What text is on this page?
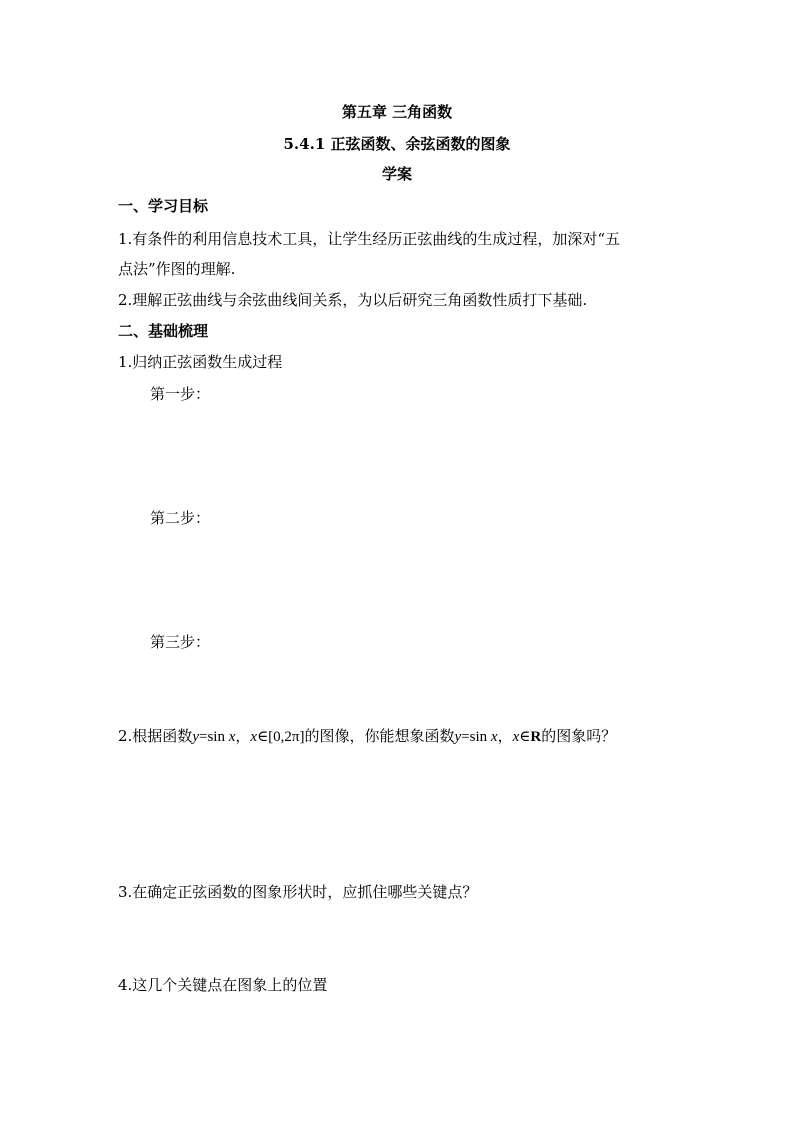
第五章 三角函数
5.4.1 正弦函数、余弦函数的图象
学案
一、学习目标
1.有条件的利用信息技术工具，让学生经历正弦曲线的生成过程，加深对“五
点法”作图的理解.
2.理解正弦曲线与余弦曲线间关系，为以后研究三角函数性质打下基础.
二、基础梳理
1.归纳正弦函数生成过程
第一步：
第二步：
第三步：
2.根据函数y=sin x，x∈[0,2π]的图像，你能想象函数y=sin x，x∈R的图象吗？
3.在确定正弦函数的图象形状时，应抓住哪些关键点？
4.这几个关键点在图象上的位置
